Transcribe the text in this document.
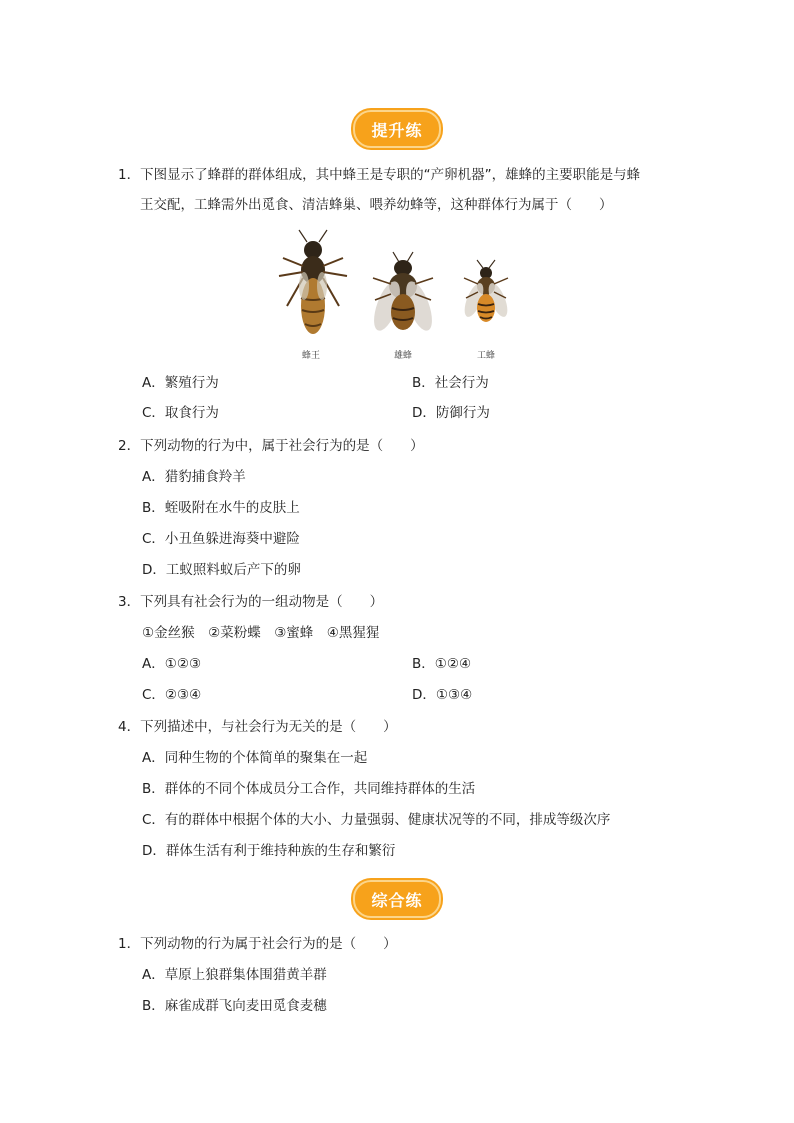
提升练
1．下图显示了蜂群的群体组成，其中蜂王是专职的“产卵机器”，雄蜂的主要职能是与蜂
王交配，工蜂需外出觅食、清洁蜂巢、喂养幼蜂等，这种群体行为属于（　　）
蜂王	雄蜂	工蜂
A．繁殖行为	B．社会行为
C．取食行为	D．防御行为
2．下列动物的行为中，属于社会行为的是（　　）
A．猎豹捕食羚羊
B．蛭吸附在水牛的皮肤上
C．小丑鱼躲进海葵中避险
D．工蚁照料蚁后产下的卵
3．下列具有社会行为的一组动物是（　　）
①金丝猴　②菜粉蝶　③蜜蜂　④黑猩猩
A．①②③	B．①②④
C．②③④	D．①③④
4．下列描述中，与社会行为无关的是（　　）
A．同种生物的个体简单的聚集在一起
B．群体的不同个体成员分工合作，共同维持群体的生活
C．有的群体中根据个体的大小、力量强弱、健康状况等的不同，排成等级次序
D．群体生活有利于维持种族的生存和繁衍
综合练
1．下列动物的行为属于社会行为的是（　　）
A．草原上狼群集体围猎黄羊群
B．麻雀成群飞向麦田觅食麦穗
